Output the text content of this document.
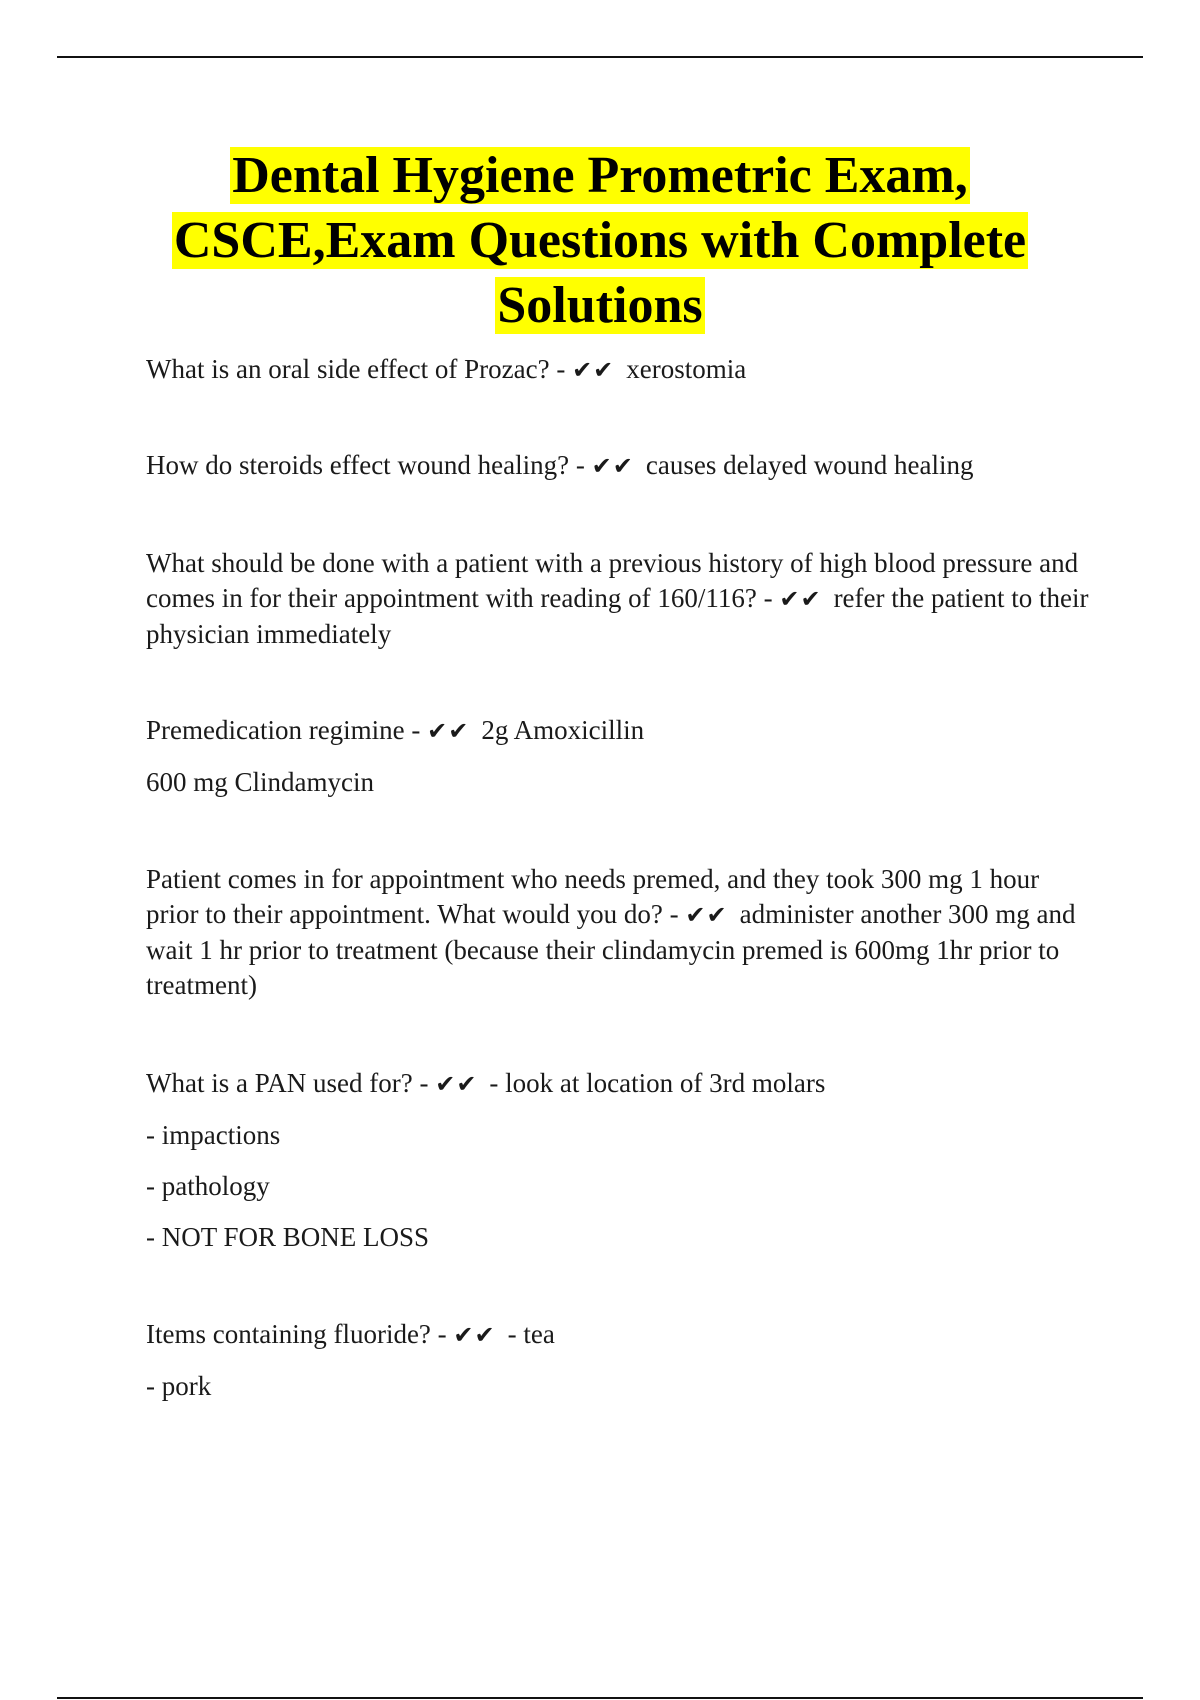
Dental Hygiene Prometric Exam,
CSCE,Exam Questions with Complete
Solutions

What is an oral side effect of Prozac? - ✔✔ xerostomia

How do steroids effect wound healing? - ✔✔ causes delayed wound healing

What should be done with a patient with a previous history of high blood pressure and comes in for their appointment with reading of 160/116? - ✔✔ refer the patient to their physician immediately

Premedication regimine - ✔✔ 2g Amoxicillin

600 mg Clindamycin

Patient comes in for appointment who needs premed, and they took 300 mg 1 hour prior to their appointment. What would you do? - ✔✔ administer another 300 mg and wait 1 hr prior to treatment (because their clindamycin premed is 600mg 1hr prior to treatment)

What is a PAN used for? - ✔✔ - look at location of 3rd molars

- impactions

- pathology

- NOT FOR BONE LOSS

Items containing fluoride? - ✔✔ - tea

- pork
